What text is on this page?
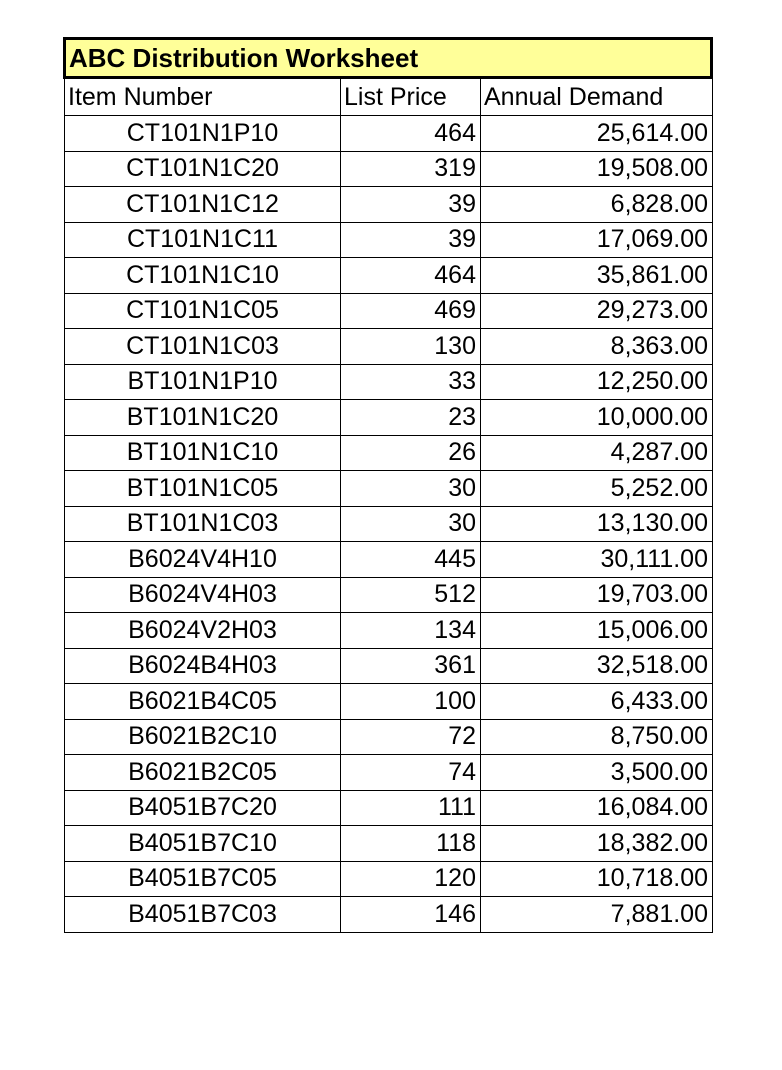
ABC Distribution Worksheet
Item Number	List Price	Annual Demand
CT101N1P10	464	25,614.00
CT101N1C20	319	19,508.00
CT101N1C12	39	6,828.00
CT101N1C11	39	17,069.00
CT101N1C10	464	35,861.00
CT101N1C05	469	29,273.00
CT101N1C03	130	8,363.00
BT101N1P10	33	12,250.00
BT101N1C20	23	10,000.00
BT101N1C10	26	4,287.00
BT101N1C05	30	5,252.00
BT101N1C03	30	13,130.00
B6024V4H10	445	30,111.00
B6024V4H03	512	19,703.00
B6024V2H03	134	15,006.00
B6024B4H03	361	32,518.00
B6021B4C05	100	6,433.00
B6021B2C10	72	8,750.00
B6021B2C05	74	3,500.00
B4051B7C20	111	16,084.00
B4051B7C10	118	18,382.00
B4051B7C05	120	10,718.00
B4051B7C03	146	7,881.00
